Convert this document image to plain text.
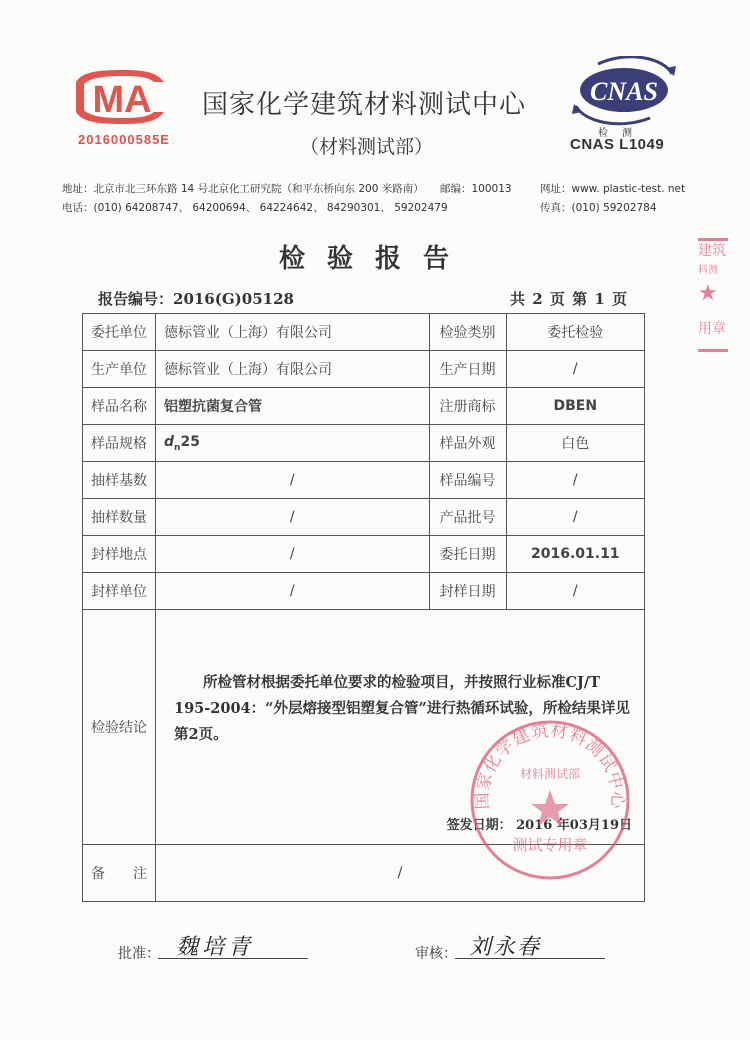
MA
2016000585E
国家化学建筑材料测试中心
（材料测试部）
CNAS
检测
CNAS L1049
地址：北京市北三环东路 14 号北京化工研究院（和平东桥向东 200 米路南） 邮编：100013	网址：www. plastic-test. net
电话：(010) 64208747、 64200694、 64224642、 84290301、 59202479	传真：(010) 59202784
检验报告
报告编号：2016(G)05128	共 2 页 第 1 页
委托单位	德标管业（上海）有限公司	检验类别	委托检验
生产单位	德标管业（上海）有限公司	生产日期	/
样品名称	铝塑抗菌复合管	注册商标	DBEN
样品规格	$d_n25$	样品外观	白色
抽样基数	/	样品编号	/
抽样数量	/	产品批号	/
封样地点	/	委托日期	2016.01.11
封样单位	/	封样日期	/
检验结论	所检管材根据委托单位要求的检验项目，并按照行业标准CJ/T 195-2004：“外层熔接型铝塑复合管”进行热循环试验，所检结果详见第2页。
签发日期： 2016 年03月19日		

备 注	/		
国家化学建筑材料测试中心
材料测试部
测试专用章
建筑
料测
★
用章
批准： 魏培青	审核： 刘永春
